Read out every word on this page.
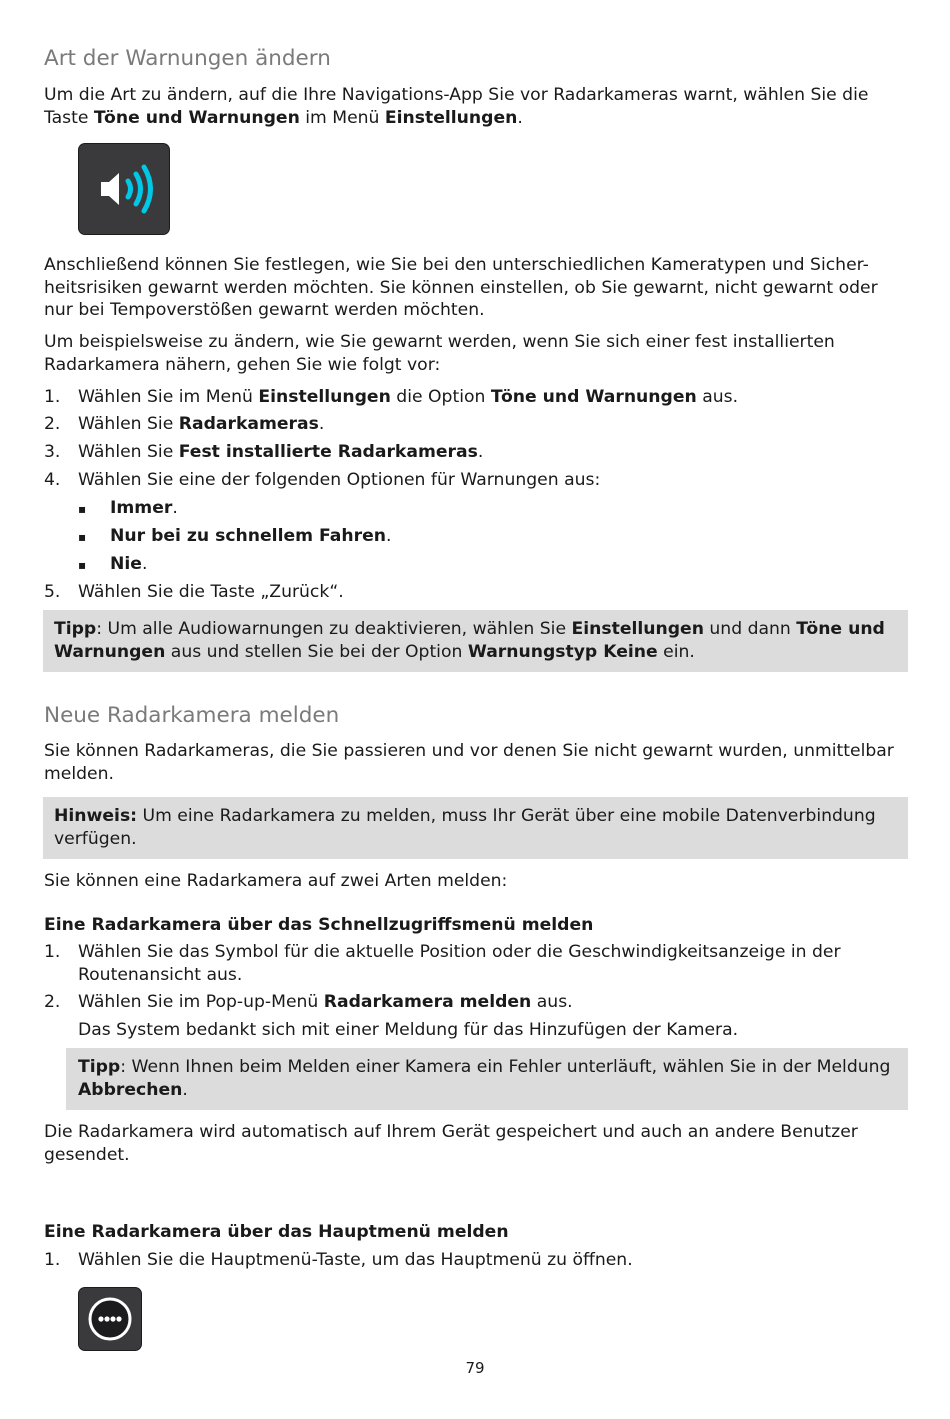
Art der Warnungen ändern
Um die Art zu ändern, auf die Ihre Navigations-App Sie vor Radarkameras warnt, wählen Sie die
Taste Töne und Warnungen im Menü Einstellungen.
Anschließend können Sie festlegen, wie Sie bei den unterschiedlichen Kameratypen und Sicher-
heitsrisiken gewarnt werden möchten. Sie können einstellen, ob Sie gewarnt, nicht gewarnt oder
nur bei Tempoverstößen gewarnt werden möchten.
Um beispielsweise zu ändern, wie Sie gewarnt werden, wenn Sie sich einer fest installierten
Radarkamera nähern, gehen Sie wie folgt vor:
1. Wählen Sie im Menü Einstellungen die Option Töne und Warnungen aus.
2. Wählen Sie Radarkameras.
3. Wählen Sie Fest installierte Radarkameras.
4. Wählen Sie eine der folgenden Optionen für Warnungen aus:
▪ Immer.
▪ Nur bei zu schnellem Fahren.
▪ Nie.
5. Wählen Sie die Taste „Zurück“.
Tipp: Um alle Audiowarnungen zu deaktivieren, wählen Sie Einstellungen und dann Töne und
Warnungen aus und stellen Sie bei der Option Warnungstyp Keine ein.
Neue Radarkamera melden
Sie können Radarkameras, die Sie passieren und vor denen Sie nicht gewarnt wurden, unmittelbar
melden.
Hinweis: Um eine Radarkamera zu melden, muss Ihr Gerät über eine mobile Datenverbindung
verfügen.
Sie können eine Radarkamera auf zwei Arten melden:
Eine Radarkamera über das Schnellzugriffsmenü melden
1. Wählen Sie das Symbol für die aktuelle Position oder die Geschwindigkeitsanzeige in der
Routenansicht aus.
2. Wählen Sie im Pop-up-Menü Radarkamera melden aus.
Das System bedankt sich mit einer Meldung für das Hinzufügen der Kamera.
Tipp: Wenn Ihnen beim Melden einer Kamera ein Fehler unterläuft, wählen Sie in der Meldung
Abbrechen.
Die Radarkamera wird automatisch auf Ihrem Gerät gespeichert und auch an andere Benutzer
gesendet.
Eine Radarkamera über das Hauptmenü melden
1. Wählen Sie die Hauptmenü-Taste, um das Hauptmenü zu öffnen.
79
